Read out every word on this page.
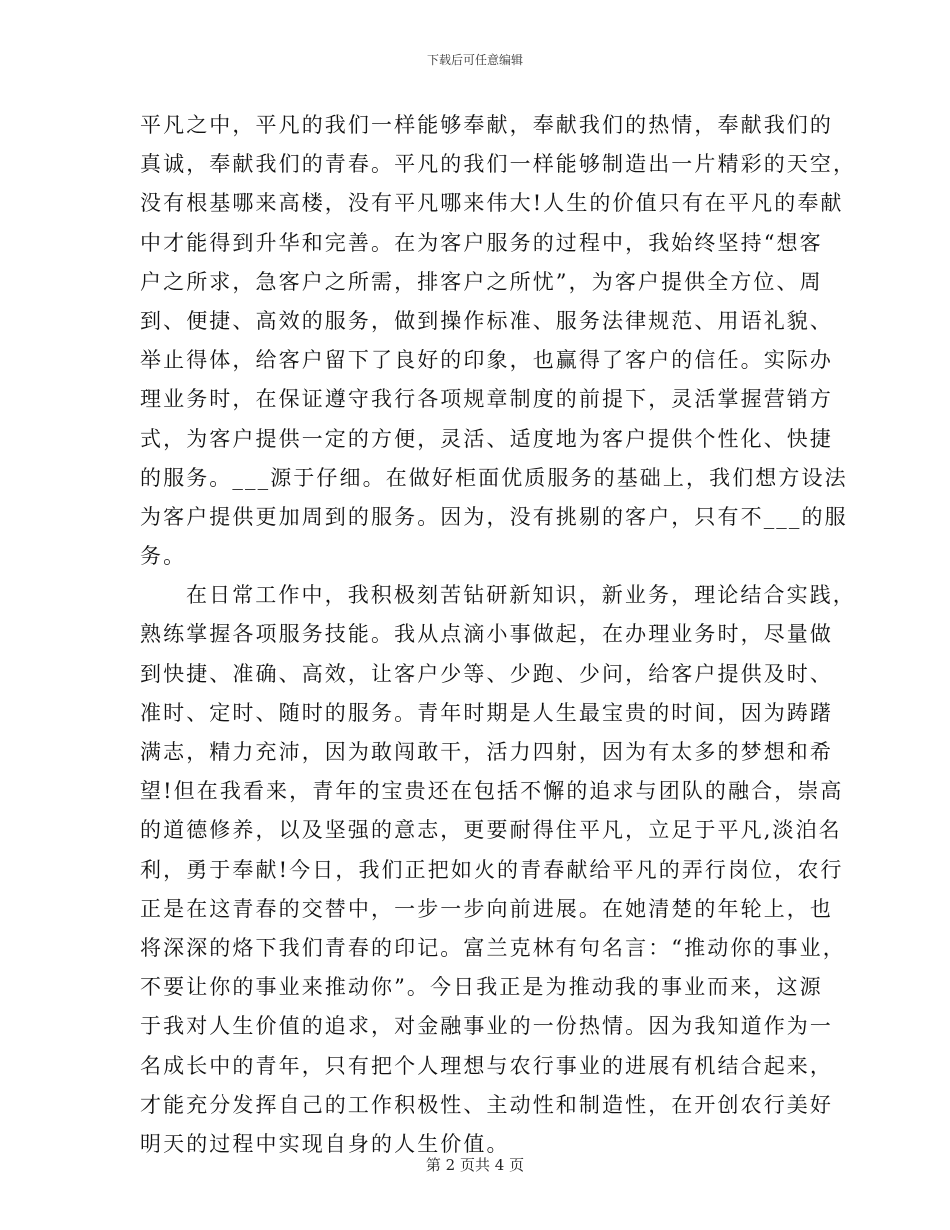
下载后可任意编辑
平凡之中，平凡的我们一样能够奉献，奉献我们的热情，奉献我们的
真诚，奉献我们的青春。平凡的我们一样能够制造出一片精彩的天空，
没有根基哪来高楼，没有平凡哪来伟大!人生的价值只有在平凡的奉献
中才能得到升华和完善。在为客户服务的过程中，我始终坚持“想客
户之所求，急客户之所需，排客户之所忧”，为客户提供全方位、周
到、便捷、高效的服务，做到操作标准、服务法律规范、用语礼貌、
举止得体，给客户留下了良好的印象，也赢得了客户的信任。实际办
理业务时，在保证遵守我行各项规章制度的前提下，灵活掌握营销方
式，为客户提供一定的方便，灵活、适度地为客户提供个性化、快捷
的服务。___源于仔细。在做好柜面优质服务的基础上，我们想方设法
为客户提供更加周到的服务。因为，没有挑剔的客户，只有不___的服
务。
在日常工作中，我积极刻苦钻研新知识，新业务，理论结合实践，
熟练掌握各项服务技能。我从点滴小事做起，在办理业务时，尽量做
到快捷、准确、高效，让客户少等、少跑、少问，给客户提供及时、
准时、定时、随时的服务。青年时期是人生最宝贵的时间，因为踌躇
满志，精力充沛，因为敢闯敢干，活力四射，因为有太多的梦想和希
望!但在我看来，青年的宝贵还在包括不懈的追求与团队的融合，崇高
的道德修养，以及坚强的意志，更要耐得住平凡，立足于平凡,淡泊名
利，勇于奉献!今日，我们正把如火的青春献给平凡的弄行岗位，农行
正是在这青春的交替中，一步一步向前进展。在她清楚的年轮上，也
将深深的烙下我们青春的印记。富兰克林有句名言：“推动你的事业，
不要让你的事业来推动你”。今日我正是为推动我的事业而来，这源
于我对人生价值的追求，对金融事业的一份热情。因为我知道作为一
名成长中的青年，只有把个人理想与农行事业的进展有机结合起来，
才能充分发挥自己的工作积极性、主动性和制造性，在开创农行美好
明天的过程中实现自身的人生价值。
第 2 页共 4 页
